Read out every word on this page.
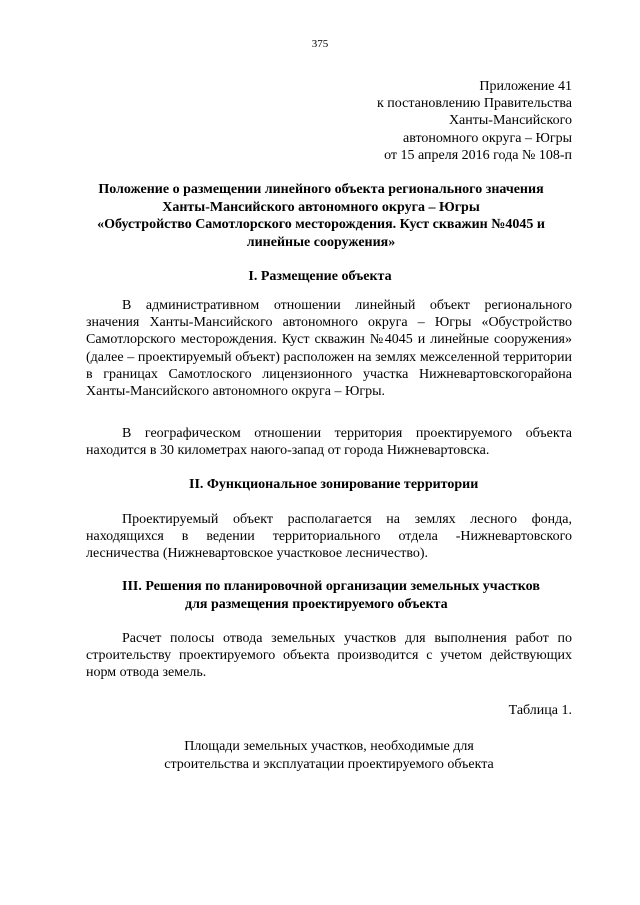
375
Приложение 41
к постановлению Правительства
Ханты-Мансийского
автономного округа – Югры
от 15 апреля 2016 года № 108-п
Положение о размещении линейного объекта регионального значения
Ханты-Мансийского автономного округа – Югры
«Обустройство Самотлорского месторождения. Куст скважин №4045 и
линейные сооружения»
I. Размещение объекта
В административном отношении линейный объект регионального значения Ханты-Мансийского автономного округа – Югры «Обустройство Самотлорского месторождения. Куст скважин №4045 и линейные сооружения» (далее – проектируемый объект) расположен на землях межселенной территории в границах Самотлоского лицензионного участка Нижневартовскогорайона Ханты-Мансийского автономного округа – Югры.
В географическом отношении территория проектируемого объекта находится в 30 километрах наюго-запад от города Нижневартовска.
II. Функциональное зонирование территории
Проектируемый объект располагается на землях лесного фонда, находящихся в ведении территориального отдела -Нижневартовского лесничества (Нижневартовское участковое лесничество).
III. Решения по планировочной организации земельных участков
для размещения проектируемого объекта
Расчет полосы отвода земельных участков для выполнения работ по строительству проектируемого объекта производится с учетом действующих норм отвода земель.
Таблица 1.
Площади земельных участков, необходимые для
строительства и эксплуатации проектируемого объекта
